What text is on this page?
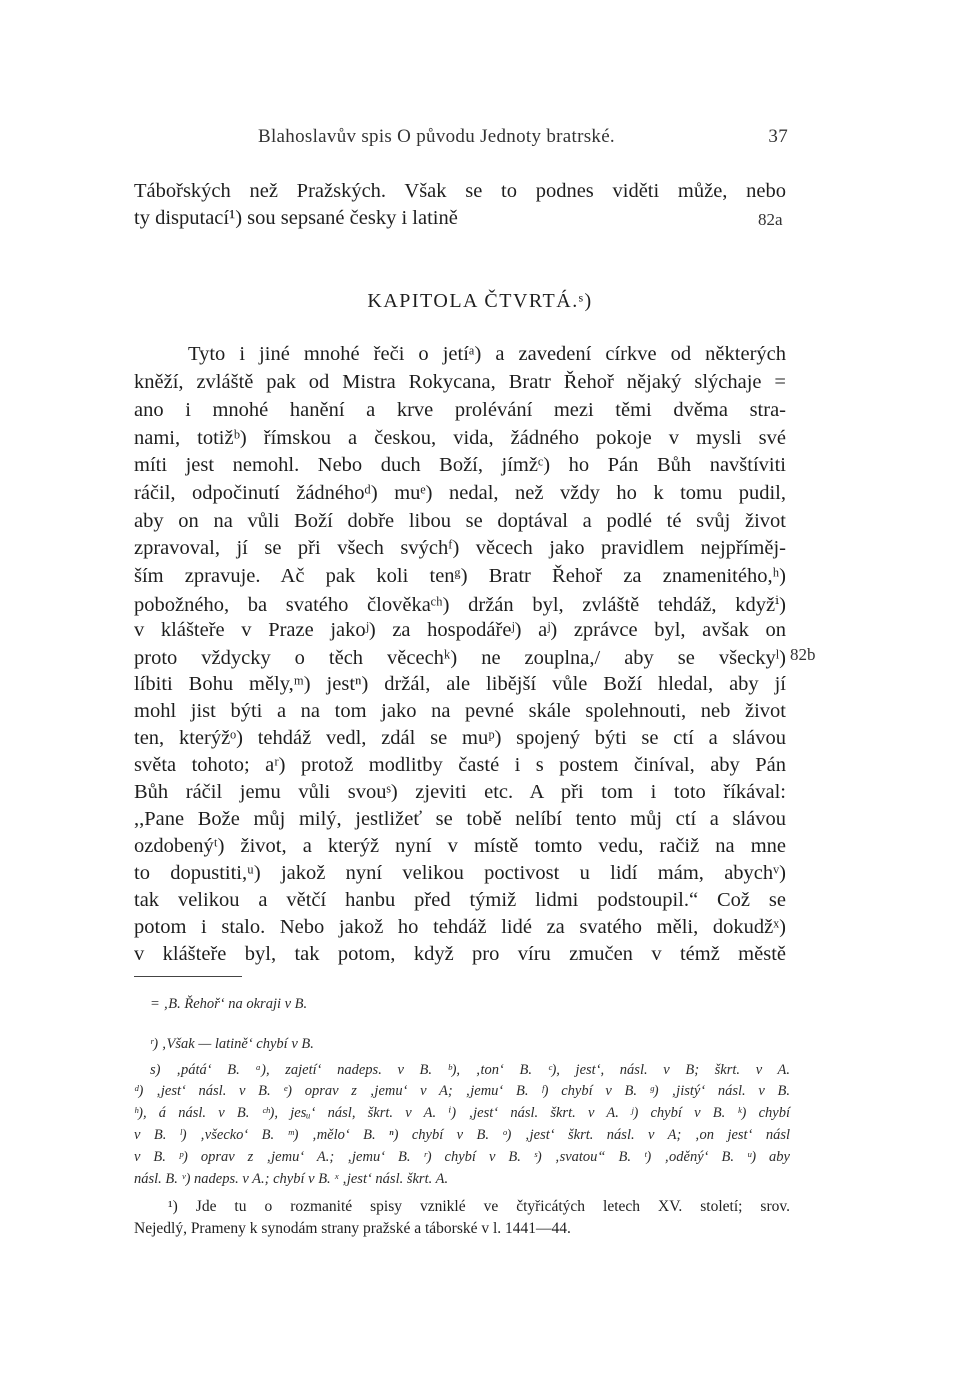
Blahoslavův spis O původu Jednoty bratrské.	37
Tábořských než Pražských. Však se to podnes viděti může, nebo
ty disputací¹) sou sepsané česky i latině	82a
KAPITOLA ČTVRTÁ.ˢ)
Tyto i jiné mnohé řeči o jetíᵃ) a zavedení církve od některých
kněží, zvláště pak od Mistra Rokycana, Bratr Řehoř nějaký slýchaje =
ano i mnohé hanění a krve prolévání mezi těmi dvěma stra-
nami, totižᵇ) římskou a českou, vida, žádného pokoje v mysli své
míti jest nemohl. Nebo duch Boží, jímžᶜ) ho Pán Bůh navštíviti
ráčil, odpočinutí žádnéhoᵈ) muᵉ) nedal, než vždy ho k tomu pudil,
aby on na vůli Boží dobře libou se doptával a podlé té svůj život
zpravoval, jí se při všech svýchᶠ) věcech jako pravidlem nejpříměj-
ším zpravuje. Ač pak koli tenᵍ) Bratr Řehoř za znamenitého,ʰ)
pobožného, ba svatého člověkaᶜʰ) držán byl, zvláště tehdáž, kdyžⁱ)
v klášteře v Praze jakoʲ) za hospodářeʲ) aʲ) zprávce byl, avšak on
proto vždycky o těch věcechᵏ) ne zouplna,/ aby se všeckyˡ) 82b
líbiti Bohu měly,ᵐ) jestⁿ) držál, ale libější vůle Boží hledal, aby jí
mohl jist býti a na tom jako na pevné skále spolehnouti, neb život
ten, kterýžᵒ) tehdáž vedl, zdál se muᵖ) spojený býti se ctí a slávou
světa tohoto; aʳ) protož modlitby časté i s postem činíval, aby Pán
Bůh ráčil jemu vůli svouˢ) zjeviti etc. A při tom i toto říkával:
,,Pane Bože můj milý, jestližeť se tobě nelíbí tento můj ctí a slávou
ozdobenýᵗ) život, a kterýž nyní v místě tomto vedu, račiž na mne
to dopustiti,ᵘ) jakož nyní velikou poctivost u lidí mám, abychᵛ)
tak velikou a větčí hanbu před týmiž lidmi podstoupil.“ Což se
potom i stalo. Nebo jakož ho tehdáž lidé za svatého měli, dokudžˣ)
v klášteře byl, tak potom, když pro víru zmučen v témž městě
= ‚B. Řehoř‘ na okraji v B.
ʳ) ‚Však — latině‘ chybí v B.
s) ‚pátá‘ B. ᵃ), zajetí‘ nadeps. v B. ᵇ), ‚ton‘ B. ᶜ), jest‘, násl. v B; škrt. v A.
ᵈ) ‚jest‘ násl. v B. ᵉ) oprav z ‚jemu‘ v A; ‚jemu‘ B. ᶠ) chybí v B. ᵍ) ‚jistý‘ násl. v B.
ʰ), á násl. v B. ᶜʰ), jesᵤ‘ násl, škrt. v A. ⁱ) ‚jest‘ násl. škrt. v A. ʲ) chybí v B. ᵏ) chybí
v B. ˡ) ‚všecko‘ B. ᵐ) ‚mělo‘ B. ⁿ) chybí v B. ᵒ) ‚jest‘ škrt. násl. v A; ‚on jest‘ násl
v B. ᵖ) oprav z ‚jemu‘ A.; ‚jemu‘ B. ʳ) chybí v B. ˢ) ‚svatou“ B. ᵗ) ‚oděný‘ B. ᵘ) aby
násl. B. ᵛ) nadeps. v A.; chybí v B. ˣ ‚jest‘ násl. škrt. A.
¹) Jde tu o rozmanité spisy vzniklé ve čtyřicátých letech XV. století; srov.
Nejedlý, Prameny k synodám strany pražské a táborské v l. 1441—44.
